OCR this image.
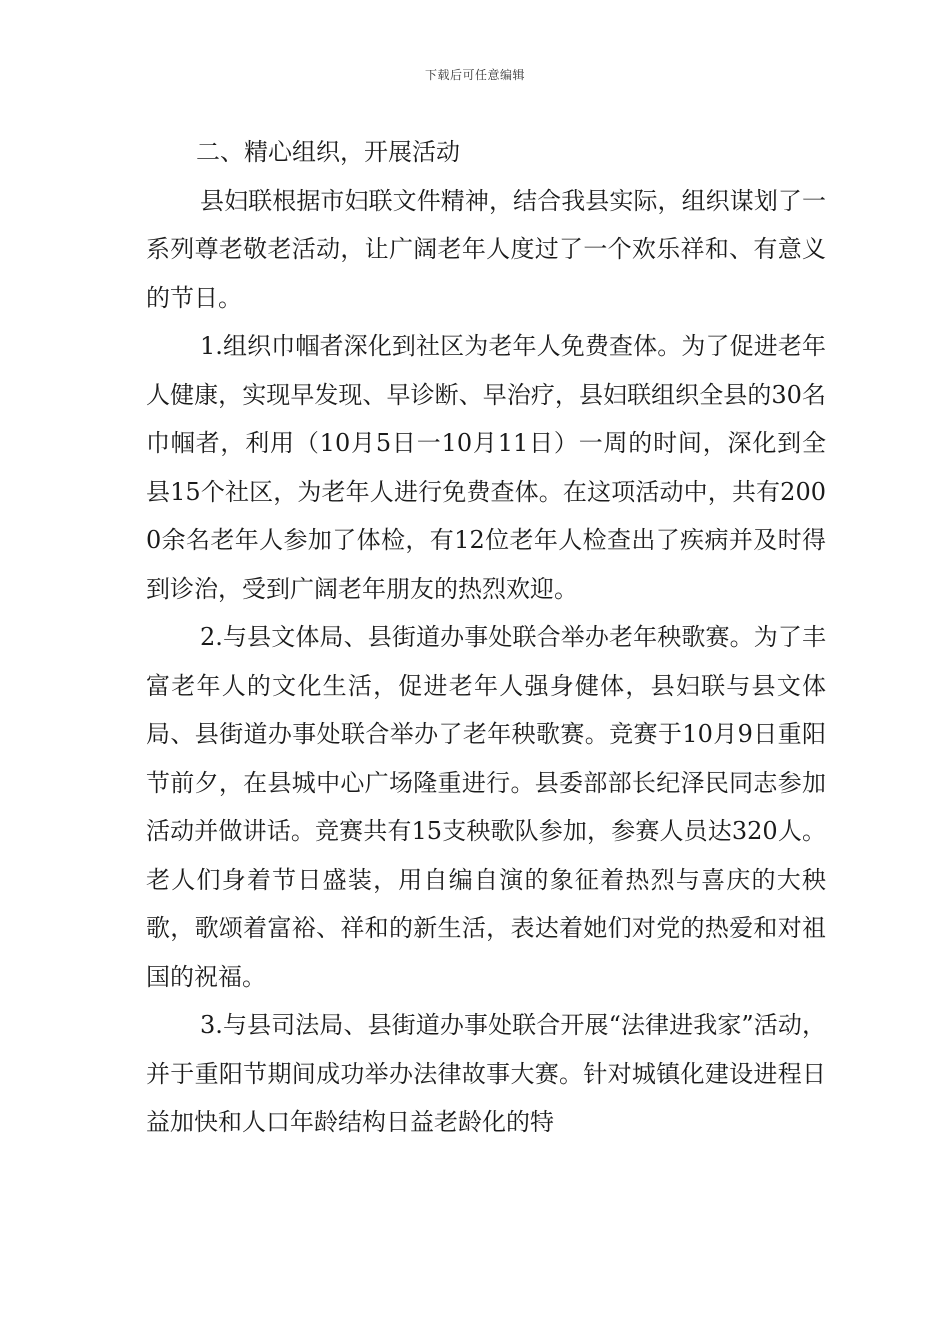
下载后可任意编辑

二、精心组织，开展活动

县妇联根据市妇联文件精神，结合我县实际，组织谋划了一系列尊老敬老活动，让广阔老年人度过了一个欢乐祥和、有意义的节日。

1.组织巾帼者深化到社区为老年人免费查体。为了促进老年人健康，实现早发现、早诊断、早治疗，县妇联组织全县的30名巾帼者，利用（10月5日一10月11日）一周的时间，深化到全县15个社区，为老年人进行免费查体。在这项活动中，共有2000余名老年人参加了体检，有12位老年人检查出了疾病并及时得到诊治，受到广阔老年朋友的热烈欢迎。

2.与县文体局、县街道办事处联合举办老年秧歌赛。为了丰富老年人的文化生活，促进老年人强身健体，县妇联与县文体局、县街道办事处联合举办了老年秧歌赛。竞赛于10月9日重阳节前夕，在县城中心广场隆重进行。县委部部长纪泽民同志参加活动并做讲话。竞赛共有15支秧歌队参加，参赛人员达320人。老人们身着节日盛装，用自编自演的象征着热烈与喜庆的大秧歌，歌颂着富裕、祥和的新生活，表达着她们对党的热爱和对祖国的祝福。

3.与县司法局、县街道办事处联合开展“法律进我家”活动，并于重阳节期间成功举办法律故事大赛。针对城镇化建设进程日益加快和人口年龄结构日益老龄化的特
